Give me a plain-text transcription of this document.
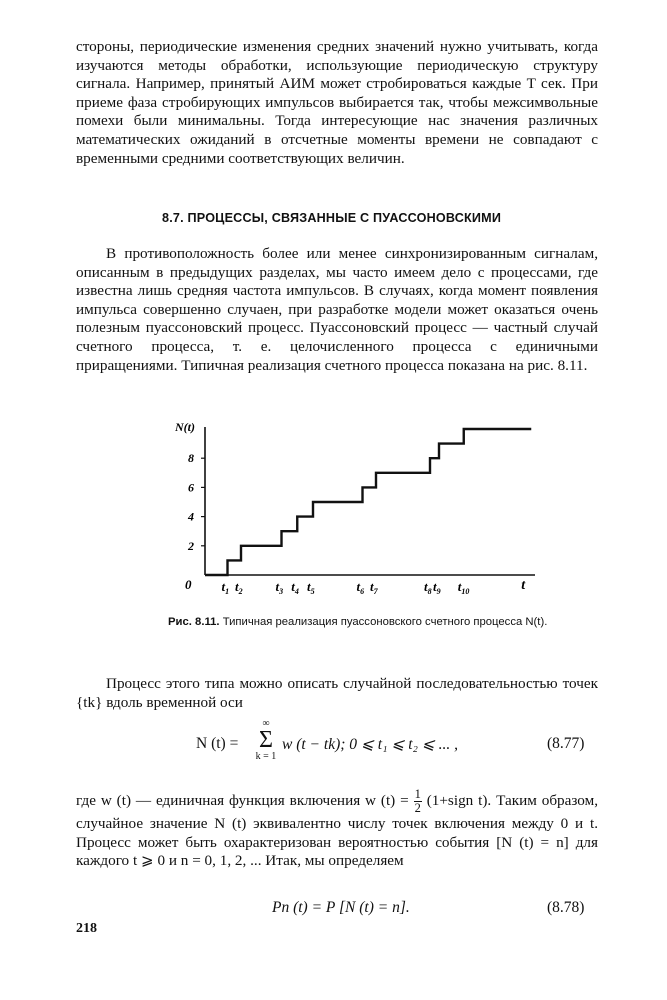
стороны, периодические изменения средних значений нужно учитывать, когда изучаются методы обработки, использующие периодическую структуру сигнала. Например, принятый АИМ может стробироваться каждые T сек. При приеме фаза стробирующих импульсов выбирается так, чтобы межсимвольные помехи были минимальны. Тогда интересующие нас значения различных математических ожиданий в отсчетные моменты времени не совпадают с временными средними соответствующих величин.

8.7. ПРОЦЕССЫ, СВЯЗАННЫЕ С ПУАССОНОВСКИМИ

В противоположность более или менее синхронизированным сигналам, описанным в предыдущих разделах, мы часто имеем дело с процессами, где известна лишь средняя частота импульсов. В случаях, когда момент появления импульса совершенно случаен, при разработке модели может оказаться очень полезным пуассоновский процесс. Пуассоновский процесс — частный случай счетного процесса, т. е. целочисленного процесса с единичными приращениями. Типичная реализация счетного процесса показана на рис. 8.11.

2
4
6
8
N(t)
0	t
$t_1$ $t_2$	$t_3$ $t_4$ $t_5$	$t_6$ $t_7$	$t_8$ $t_9$ $t_{10}$

Рис. 8.11. Типичная реализация пуассоновского счетного процесса N(t).

Процесс этого типа можно описать случайной последовательностью точек {tk} вдоль временной оси

N (t) =
∞
Σ
k = 1
w (t − tk); 0 ⩽ t₁ ⩽ t₂ ⩽ ... ,	(8.77)

где w (t) — единичная функция включения w $(t) = \frac{1}{2}$ (1+sign t). Таким образом, случайное значение N (t) эквивалентно числу точек включения между 0 и t. Процесс может быть охарактеризован вероятностью события [N (t) = n] для каждого t ⩾ 0 и n = 0, 1, 2, ... Итак, мы определяем

Pn (t) = P [N (t) = n].	(8.78)
218
